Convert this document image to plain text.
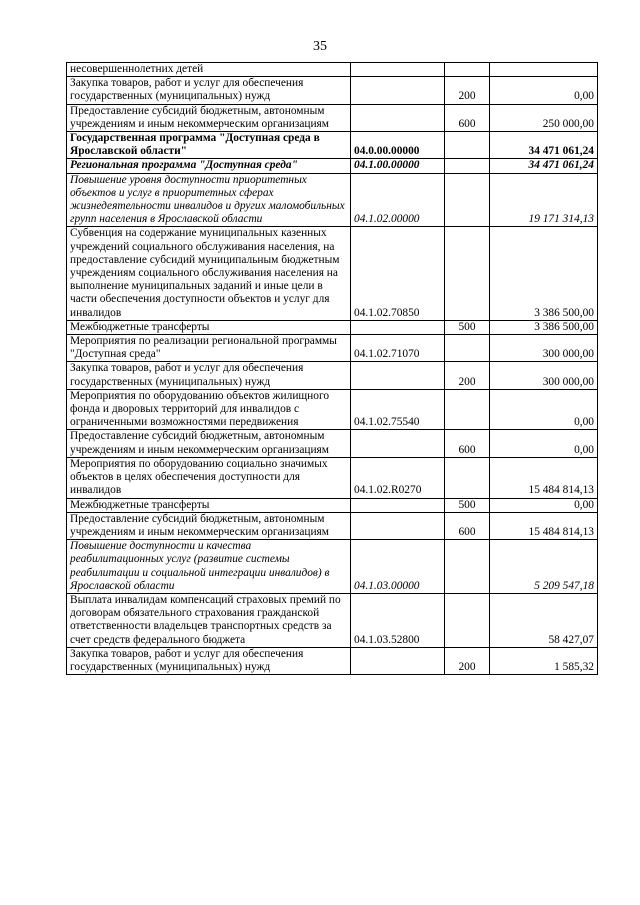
35
несовершеннолетних детей			
Закупка товаров, работ и услуг для обеспечения государственных (муниципальных) нужд		200	0,00
Предоставление субсидий бюджетным, автономным учреждениям и иным некоммерческим организациям		600	250 000,00
Государственная программа "Доступная среда в Ярославской области"	04.0.00.00000		34 471 061,24
Региональная программа "Доступная среда"	04.1.00.00000		34 471 061,24
Повышение уровня доступности приоритетных объектов и услуг в приоритетных сферах жизнедеятельности инвалидов и других маломобильных групп населения в Ярославской области	04.1.02.00000		19 171 314,13
Субвенция на содержание муниципальных казенных учреждений социального обслуживания населения, на предоставление субсидий муниципальным бюджетным учреждениям социального обслуживания населения на выполнение муниципальных заданий и иные цели в части обеспечения доступности объектов и услуг для инвалидов	04.1.02.70850		3 386 500,00
Межбюджетные трансферты		500	3 386 500,00
Мероприятия по реализации региональной программы "Доступная среда"	04.1.02.71070		300 000,00
Закупка товаров, работ и услуг для обеспечения государственных (муниципальных) нужд		200	300 000,00
Мероприятия по оборудованию объектов жилищного фонда и дворовых территорий для инвалидов с ограниченными возможностями передвижения	04.1.02.75540		0,00
Предоставление субсидий бюджетным, автономным учреждениям и иным некоммерческим организациям		600	0,00
Мероприятия по оборудованию социально значимых объектов в целях обеспечения доступности для инвалидов	04.1.02.R0270		15 484 814,13
Межбюджетные трансферты		500	0,00
Предоставление субсидий бюджетным, автономным учреждениям и иным некоммерческим организациям		600	15 484 814,13
Повышение доступности и качества реабилитационных услуг (развитие системы реабилитации и социальной интеграции инвалидов) в Ярославской области	04.1.03.00000		5 209 547,18
Выплата инвалидам компенсаций страховых премий по договорам обязательного страхования гражданской ответственности владельцев транспортных средств за счет средств федерального бюджета	04.1.03.52800		58 427,07
Закупка товаров, работ и услуг для обеспечения государственных (муниципальных) нужд		200	1 585,32
